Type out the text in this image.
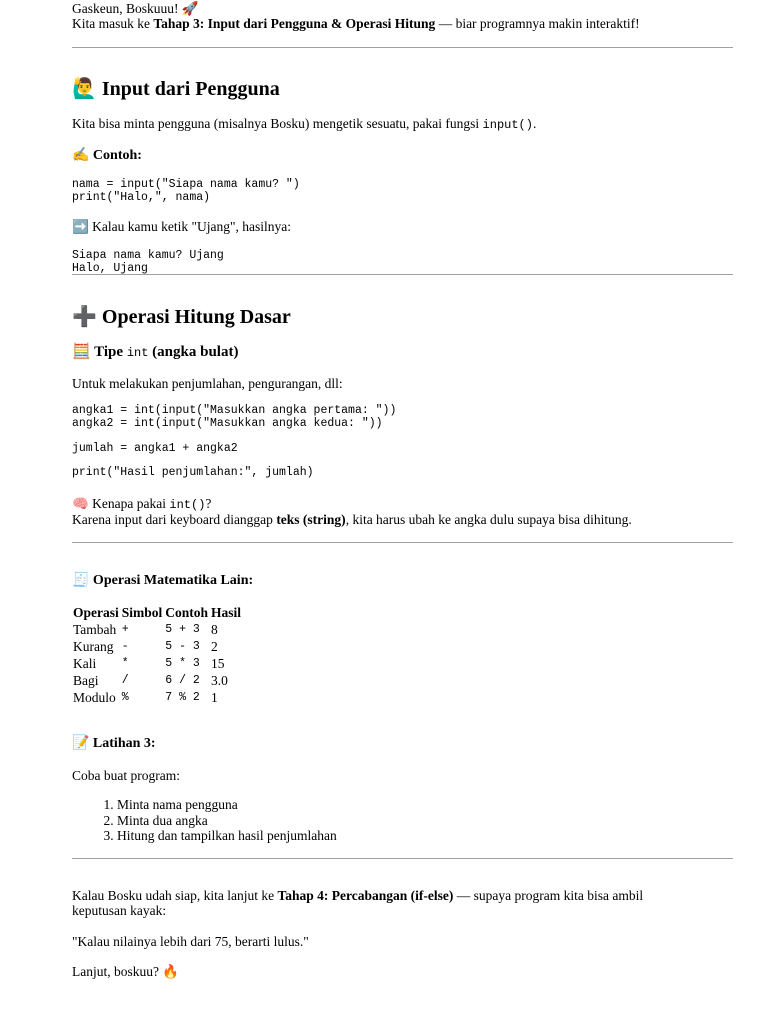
Gaskeun, Boskuuu! 🚀
Kita masuk ke Tahap 3: Input dari Pengguna & Operasi Hitung — biar programnya makin interaktif!
🙋‍♂️ Input dari Pengguna
Kita bisa minta pengguna (misalnya Bosku) mengetik sesuatu, pakai fungsi input().
✍️ Contoh:
nama = input("Siapa nama kamu? ")
print("Halo,", nama)
➡️ Kalau kamu ketik "Ujang", hasilnya:
Siapa nama kamu? Ujang
Halo, Ujang
➕ Operasi Hitung Dasar
🧮 Tipe int (angka bulat)
Untuk melakukan penjumlahan, pengurangan, dll:
angka1 = int(input("Masukkan angka pertama: "))
angka2 = int(input("Masukkan angka kedua: "))
jumlah = angka1 + angka2
print("Hasil penjumlahan:", jumlah)
🧠 Kenapa pakai int()?
Karena input dari keyboard dianggap teks (string), kita harus ubah ke angka dulu supaya bisa dihitung.
🧾 Operasi Matematika Lain:
Operasi	Simbol	Contoh	Hasil
Tambah	+	5 + 3	8
Kurang	-	5 - 3	2
Kali	*	5 * 3	15
Bagi	/	6 / 2	3.0
Modulo	%	7 % 2	1
📝 Latihan 3:
Coba buat program:
1. Minta nama pengguna
2. Minta dua angka
3. Hitung dan tampilkan hasil penjumlahan
Kalau Bosku udah siap, kita lanjut ke Tahap 4: Percabangan (if-else) — supaya program kita bisa ambil
keputusan kayak:
"Kalau nilainya lebih dari 75, berarti lulus."
Lanjut, boskuu? 🔥
